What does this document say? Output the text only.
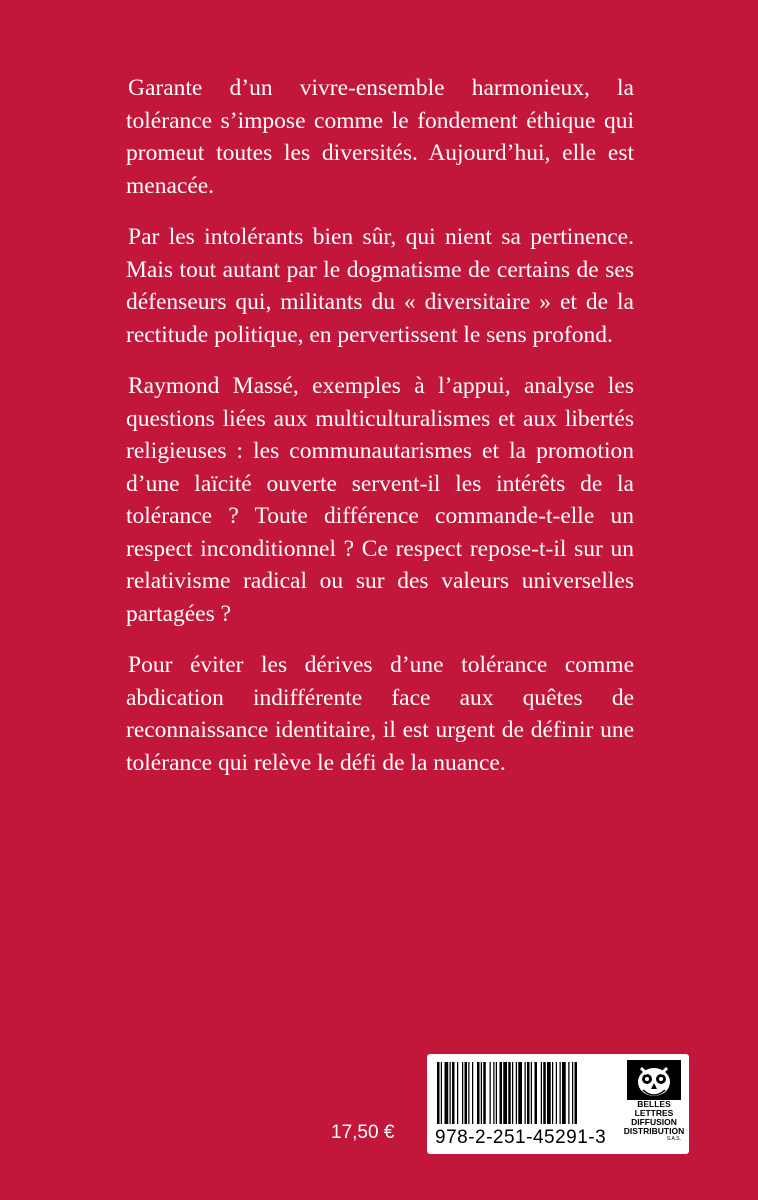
Garante d’un vivre-ensemble harmonieux, la tolérance s’impose comme le fondement éthique qui promeut toutes les diversités. Aujourd’hui, elle est menacée.

Par les intolérants bien sûr, qui nient sa pertinence. Mais tout autant par le dogmatisme de certains de ses défenseurs qui, militants du « diversitaire » et de la rectitude politique, en pervertissent le sens profond.

Raymond Massé, exemples à l’appui, analyse les questions liées aux multiculturalismes et aux libertés religieuses : les communautarismes et la promotion d’une laïcité ouverte servent-il les intérêts de la tolérance ? Toute différence commande-t-elle un respect inconditionnel ? Ce respect repose-t-il sur un relativisme radical ou sur des valeurs universelles partagées ?

Pour éviter les dérives d’une tolérance comme abdication indifférente face aux quêtes de reconnaissance identitaire, il est urgent de définir une tolérance qui relève le défi de la nuance.

17,50 € 978-2-251-45291-3
BELLES LETTRES
DIFFUSION
DISTRIBUTION
S.A.S.
